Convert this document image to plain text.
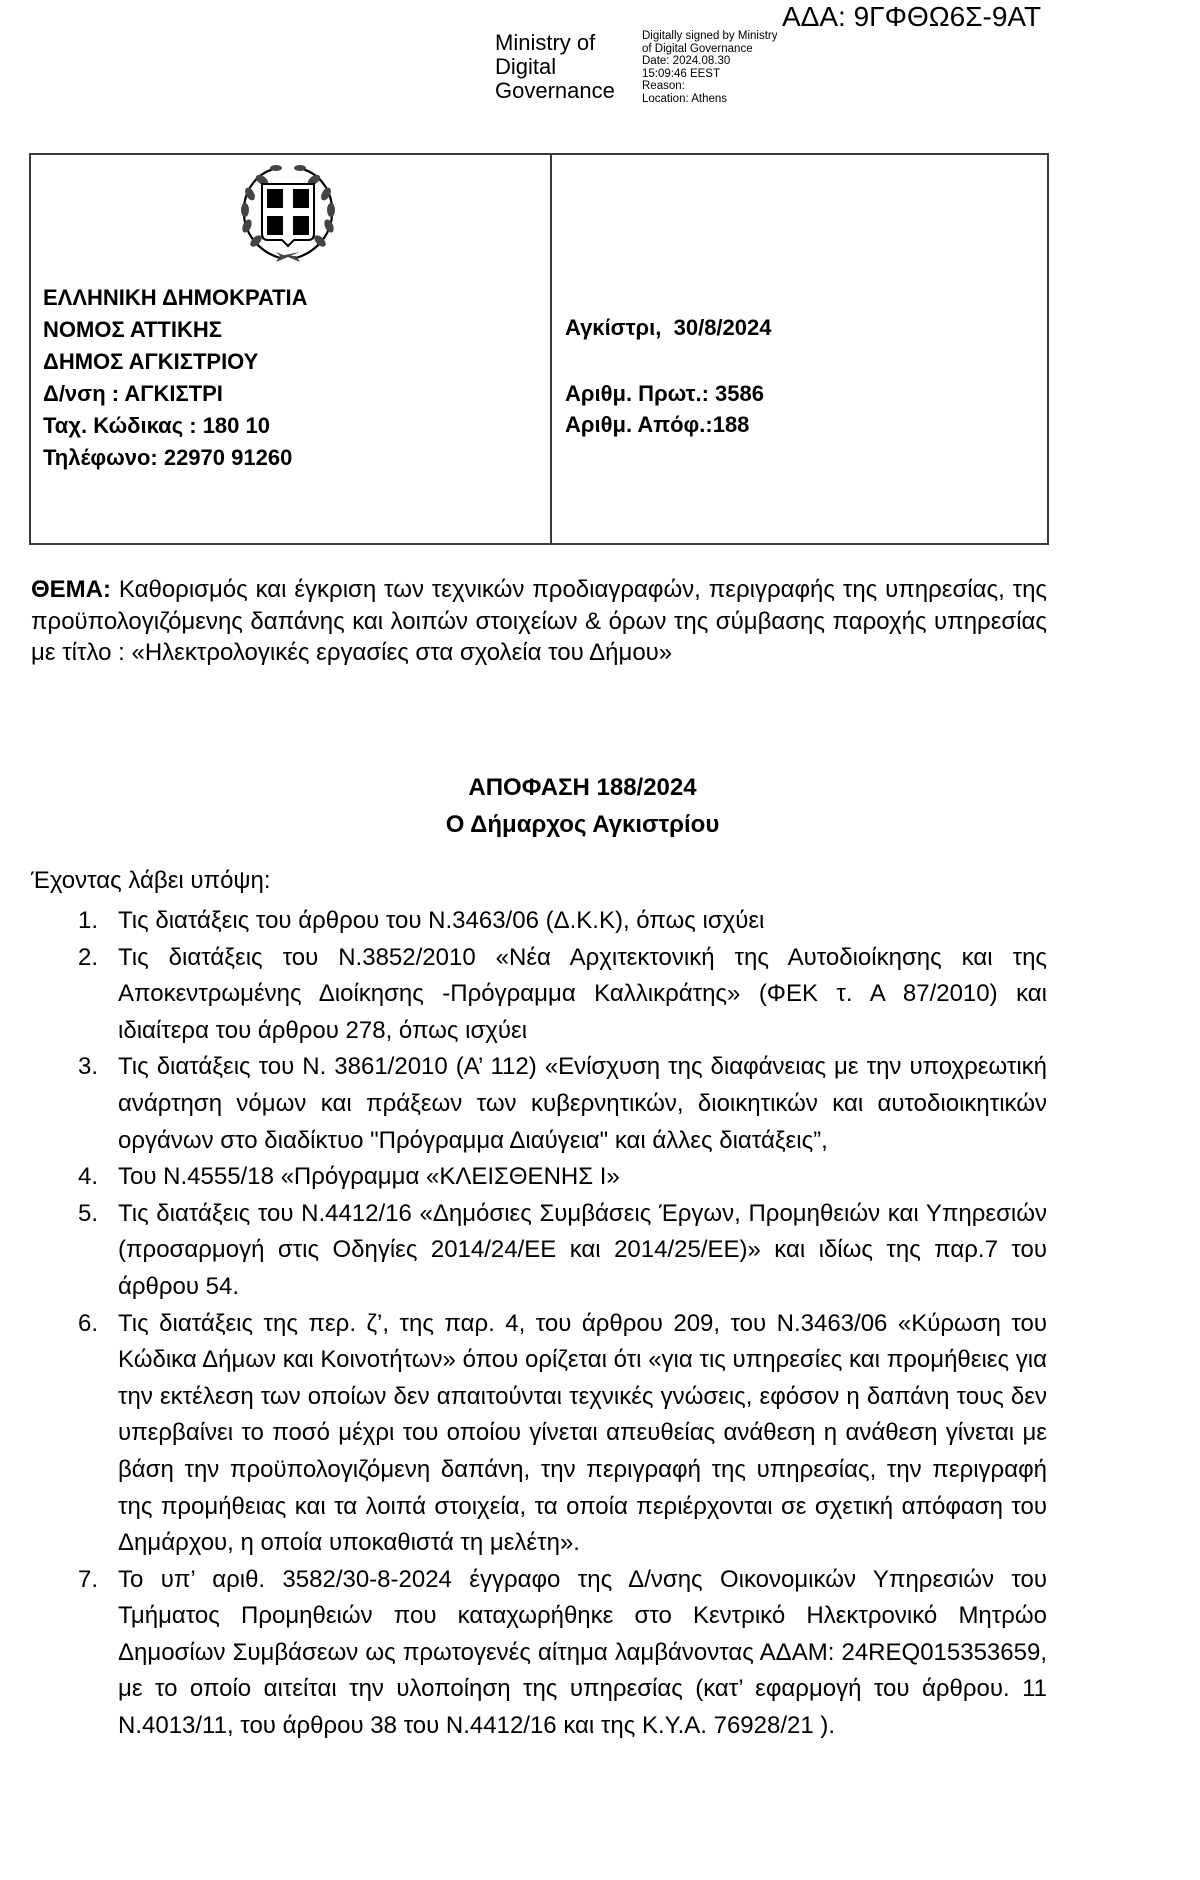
ΑΔΑ: 9ΓΦΘΩ6Σ-9ΑΤ
Ministry of
Digital
Governance
Digitally signed by Ministry
of Digital Governance
Date: 2024.08.30
15:09:46 EEST
Reason:
Location: Athens
ΕΛΛΗΝΙΚΗ ΔΗΜΟΚΡΑΤΙΑ
ΝΟΜΟΣ ΑΤΤΙΚΗΣ
ΔΗΜΟΣ ΑΓΚΙΣΤΡΙΟΥ
Δ/νση : ΑΓΚΙΣΤΡΙ
Ταχ. Κώδικας : 180 10
Τηλέφωνο: 22970 91260
Αγκίστρι,  30/8/2024
Αριθμ. Πρωτ.: 3586
Αριθμ. Απόφ.:188
ΘΕΜΑ: Καθορισμός και έγκριση των τεχνικών προδιαγραφών, περιγραφής της υπηρεσίας, της προϋπολογιζόμενης δαπάνης και λοιπών στοιχείων & όρων της σύμβασης παροχής υπηρεσίας με τίτλο : «Ηλεκτρολογικές εργασίες στα σχολεία του Δήμου»
ΑΠΟΦΑΣΗ 188/2024
Ο Δήμαρχος Αγκιστρίου
Έχοντας λάβει υπόψη:
1. Τις διατάξεις του άρθρου του Ν.3463/06 (Δ.Κ.Κ), όπως ισχύει
2. Τις διατάξεις του Ν.3852/2010 «Νέα Αρχιτεκτονική της Αυτοδιοίκησης και της Αποκεντρωμένης Διοίκησης -Πρόγραμμα Καλλικράτης» (ΦΕΚ τ. Α 87/2010) και ιδιαίτερα του άρθρου 278, όπως ισχύει
3. Τις διατάξεις του Ν. 3861/2010 (Α’ 112) «Ενίσχυση της διαφάνειας με την υποχρεωτική ανάρτηση νόμων και πράξεων των κυβερνητικών, διοικητικών και αυτοδιοικητικών οργάνων στο διαδίκτυο "Πρόγραμμα Διαύγεια" και άλλες διατάξεις”,
4. Του Ν.4555/18 «Πρόγραμμα «ΚΛΕΙΣΘΕΝΗΣ Ι»
5. Τις διατάξεις του Ν.4412/16 «Δημόσιες Συμβάσεις Έργων, Προμηθειών και Υπηρεσιών (προσαρμογή στις Οδηγίες 2014/24/ΕΕ και 2014/25/ΕΕ)» και ιδίως της παρ.7 του άρθρου 54.
6. Τις διατάξεις της περ. ζ’, της παρ. 4, του άρθρου 209, του Ν.3463/06 «Κύρωση του Κώδικα Δήμων και Κοινοτήτων» όπου ορίζεται ότι «για τις υπηρεσίες και προμήθειες για την εκτέλεση των οποίων δεν απαιτούνται τεχνικές γνώσεις, εφόσον η δαπάνη τους δεν υπερβαίνει το ποσό μέχρι του οποίου γίνεται απευθείας ανάθεση η ανάθεση γίνεται με βάση την προϋπολογιζόμενη δαπάνη, την περιγραφή της υπηρεσίας, την περιγραφή της προμήθειας και τα λοιπά στοιχεία, τα οποία περιέρχονται σε σχετική απόφαση του Δημάρχου, η οποία υποκαθιστά τη μελέτη».
7. Το υπ’ αριθ. 3582/30-8-2024 έγγραφο της Δ/νσης Οικονομικών Υπηρεσιών του Τμήματος Προμηθειών που καταχωρήθηκε στο Κεντρικό Ηλεκτρονικό Μητρώο Δημοσίων Συμβάσεων ως πρωτογενές αίτημα λαμβάνοντας ΑΔΑΜ: 24REQ015353659, με το οποίο αιτείται την υλοποίηση της υπηρεσίας (κατ’ εφαρμογή του άρθρου. 11 Ν.4013/11, του άρθρου 38 του Ν.4412/16 και της Κ.Υ.Α. 76928/21 ).
